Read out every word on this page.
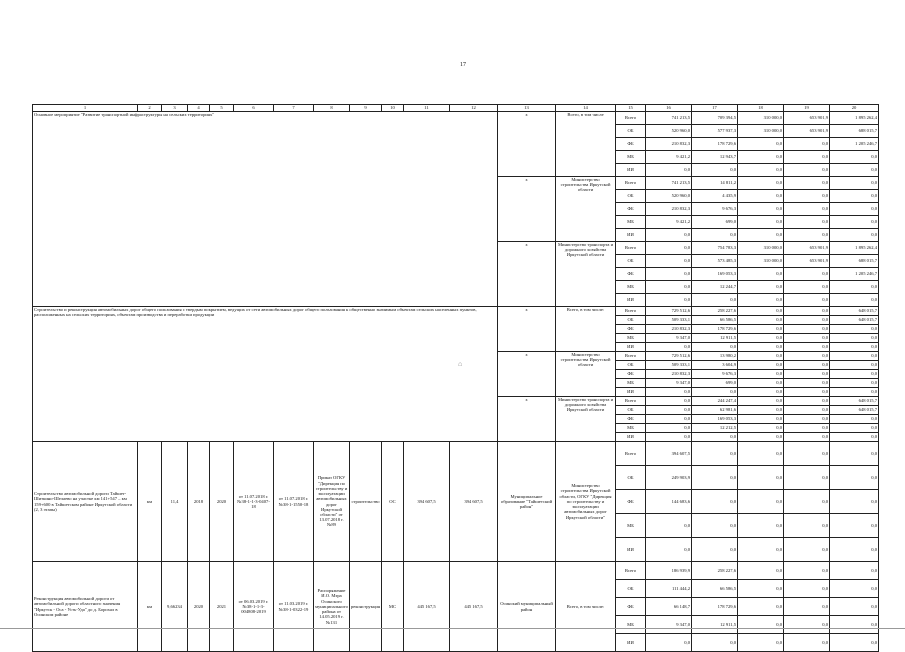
17
⌂
1	2	3	4	5	6	7	8	9	10	11	12	13	14	15	16	17	18	19	20
Основное мероприятие "Развитие транспортной инфраструктуры на сельских территориях"												х	Всего, в том числе	Всего	741 213,5	709 394,5	310 000,0	653 901,9	1 895 262,4
														ОБ	520 960,0	577 937,3	310 000,0	653 901,9	688 015,7
														ФБ	210 832,3	178 729,6	0,0	0,0	1 205 246,7
														МБ	9 421,2	12 943,7	0,0	0,0	0,0
														ИИ	0,0	0,0	0,0	0,0	0,0
												х	Министерство строительства Иркутской области	Всего	741 213,5	14 811,2	0,0	0,0	0,0
														ОБ	520 960,0	4 435,9	0,0	0,0	0,0
														ФБ	210 832,3	9 676,3	0,0	0,0	0,0
														МБ	9 421,2	699,0	0,0	0,0	0,0
														ИИ	0,0	0,0	0,0	0,0	0,0
												х	Министерство транспорта и дорожного хозяйства Иркутской области	Всего	0,0	754 783,3	310 000,0	653 901,9	1 895 262,4
														ОБ	0,0	573 485,3	310 000,0	653 901,9	688 015,7
														ФБ	0,0	169 053,3	0,0	0,0	1 205 246,7
														МБ	0,0	12 244,7	0,0	0,0	0,0
														ИИ	0,0	0,0	0,0	0,0	0,0
Строительство и реконструкция автомобильных дорог общего пользования с твердым покрытием, ведущих от сети автомобильных дорог общего пользования к общественно значимым объектам сельских населенных пунктов, расположенных на сельских территориях, объектам производства и переработки продукции												х	Всего, в том числе:	Всего	729 512,6	258 227,6	0,0	0,0	648 015,7
														ОБ	509 333,1	66 586,5	0,0	0,0	648 015,7
														ФБ	210 832,3	178 729,6	0,0	0,0	0,0
														МБ	9 347,0	12 911,5	0,0	0,0	0,0
														ИИ	0,0	0,0	0,0	0,0	0,0
												х	Министерство строительства Иркутской области	Всего	729 512,6	13 980,2	0,0	0,0	0,0
														ОБ	509 333,1	3 604,9	0,0	0,0	0,0
														ФБ	210 832,3	9 676,3	0,0	0,0	0,0
														МБ	9 347,0	699,0	0,0	0,0	0,0
														ИИ	0,0	0,0	0,0	0,0	0,0
												х	Министерство транспорта и дорожного хозяйства Иркутской области	Всего	0,0	244 247,4	0,0	0,0	648 015,7
														ОБ	0,0	62 981,6	0,0	0,0	648 015,7
														ФБ	0,0	169 053,3	0,0	0,0	0,0
														МБ	0,0	12 212,5	0,0	0,0	0,0
														ИИ	0,0	0,0	0,0	0,0	0,0
Строительство автомобильной дороги Тайшет-Шиткино-Шелаево на участке км 141+547 – км 159+600 в Тайшетском районе Иркутской области (2, 3 этапы)	км	11,4	2018	2020	от 11.07.2018 г. №38-1-1-3-0407-18	от 11.07.2018 г. №38-1-1550-18	Приказ ОГКУ "Дирекция по строительству и эксплуатации автомобильных дорог Иркутской области" от 13.07.2018 г. №89	строительство	ОС	394 607,5	394 607,5	Муниципальное образование "Тайшетский район"	Министерство строительства Иркутской области, ОГКУ "Дирекция по строительству и эксплуатации автомобильных дорог Иркутской области"	Всего	394 607,5	0,0	0,0	0,0	0,0
														ОБ	249 903,9	0,0	0,0	0,0	0,0
														ФБ	144 683,6	0,0	0,0	0,0	0,0
														МБ	0,0	0,0	0,0	0,0	0,0
														ИИ	0,0	0,0	0,0	0,0	0,0
Реконструкция автомобильной дороги от автомобильной дороги областного значения "Иркутск - Оса - Усть-Уда" до д. Борохал в Осинском районе	км	9,66234	2020	2021	от 06.03.2019 г. №38-1-1-3-004808-2019	от 11.03.2019 г. №38-1-0322-19	Распоряжение И.О. Мэра Осинского муниципального района от 14.05.2019 г. №131	реконструкция	МС	445 167,5	445 167,5	Осинский муниципальный район	Всего, в том числе:	Всего	186 939,9	258 227,6	0,0	0,0	0,0
														ОБ	111 444,2	66 586,5	0,0	0,0	0,0
														ФБ	66 148,7	178 729,6	0,0	0,0	0,0
														МБ	9 347,0	12 911,5	0,0	0,0	0,0
														ИИ	0,0	0,0	0,0	0,0	0,0
